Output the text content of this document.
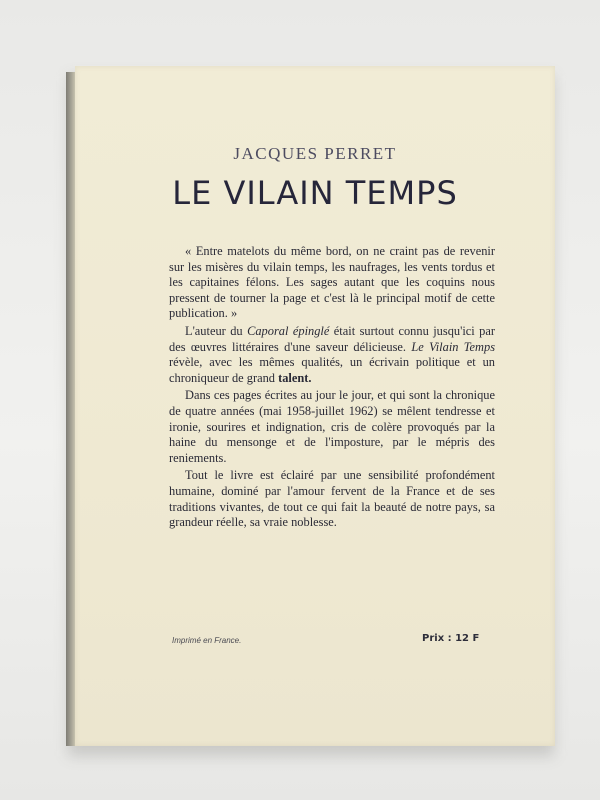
JACQUES PERRET
LE VILAIN TEMPS

« Entre matelots du même bord, on ne craint pas de revenir sur les misères du vilain temps, les naufrages, les vents tordus et les capitaines félons. Les sages autant que les coquins nous pressent de tourner la page et c'est là le principal motif de cette publication. »

L'auteur du Caporal épinglé était surtout connu jusqu'ici par des œuvres littéraires d'une saveur délicieuse. Le Vilain Temps révèle, avec les mêmes qualités, un écrivain politique et un chroniqueur de grand talent.

Dans ces pages écrites au jour le jour, et qui sont la chronique de quatre années (mai 1958-juillet 1962) se mêlent tendresse et ironie, sourires et indignation, cris de colère provoqués par la haine du mensonge et de l'imposture, par le mépris des reniements.

Tout le livre est éclairé par une sensibilité profondément humaine, dominé par l'amour fervent de la France et de ses traditions vivantes, de tout ce qui fait la beauté de notre pays, sa grandeur réelle, sa vraie noblesse.

Imprimé en France.	Prix : 12 F
